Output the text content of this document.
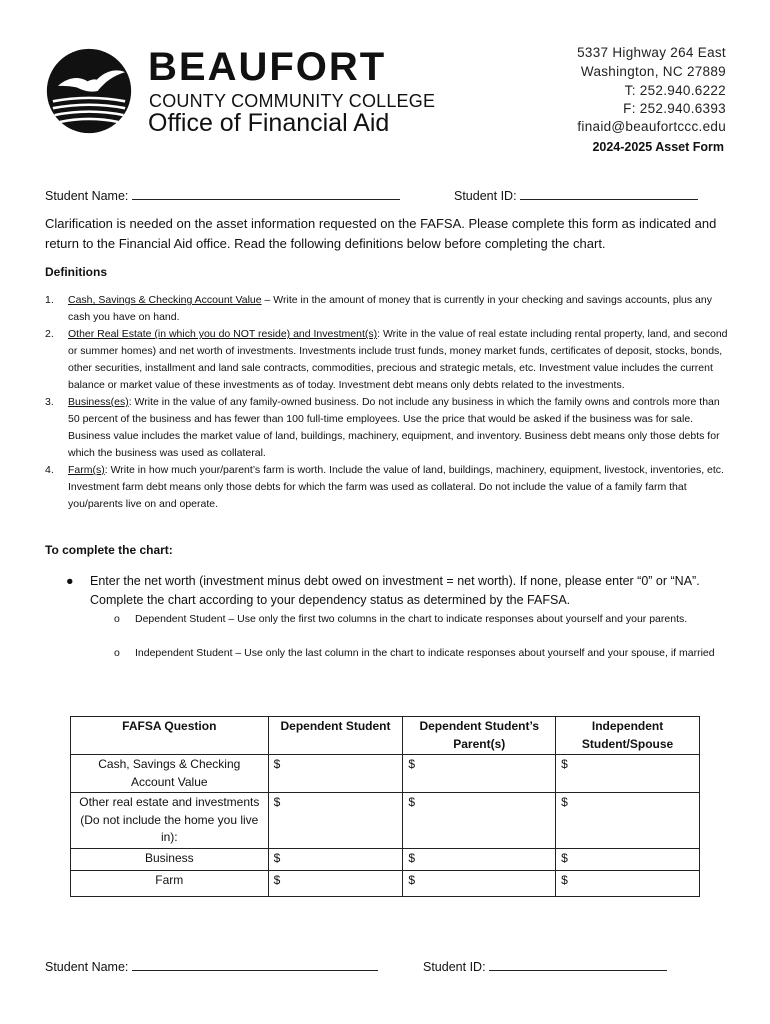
BEAUFORT
COUNTY COMMUNITY COLLEGE
Office of Financial Aid
5337 Highway 264 East
Washington, NC 27889
T: 252.940.6222
F: 252.940.6393
finaid@beaufortccc.edu
2024-2025 Asset Form
Student Name:	Student ID:
Clarification is needed on the asset information requested on the FAFSA. Please complete this form as indicated and return to the Financial Aid office. Read the following definitions below before completing the chart.
Definitions
1. Cash, Savings & Checking Account Value – Write in the amount of money that is currently in your checking and savings accounts, plus any cash you have on hand.
2. Other Real Estate (in which you do NOT reside) and Investment(s): Write in the value of real estate including rental property, land, and second or summer homes) and net worth of investments. Investments include trust funds, money market funds, certificates of deposit, stocks, bonds, other securities, installment and land sale contracts, commodities, precious and strategic metals, etc. Investment value includes the current balance or market value of these investments as of today. Investment debt means only debts related to the investments.
3. Business(es): Write in the value of any family-owned business. Do not include any business in which the family owns and controls more than 50 percent of the business and has fewer than 100 full-time employees. Use the price that would be asked if the business was for sale. Business value includes the market value of land, buildings, machinery, equipment, and inventory. Business debt means only those debts for which the business was used as collateral.
4. Farm(s): Write in how much your/parent’s farm is worth. Include the value of land, buildings, machinery, equipment, livestock, inventories, etc. Investment farm debt means only those debts for which the farm was used as collateral. Do not include the value of a family farm that you/parents live on and operate.
To complete the chart:
● Enter the net worth (investment minus debt owed on investment = net worth). If none, please enter “0” or “NA”. Complete the chart according to your dependency status as determined by the FAFSA.
o Dependent Student – Use only the first two columns in the chart to indicate responses about yourself and your parents.
o Independent Student – Use only the last column in the chart to indicate responses about yourself and your spouse, if married
FAFSA Question	Dependent Student	Dependent Student’s Parent(s)	Independent Student/Spouse
Cash, Savings & Checking Account Value	$	$	$
Other real estate and investments (Do not include the home you live in):	$	$	$
Business	$	$	$
Farm	$	$	$
Student Name:	Student ID:
